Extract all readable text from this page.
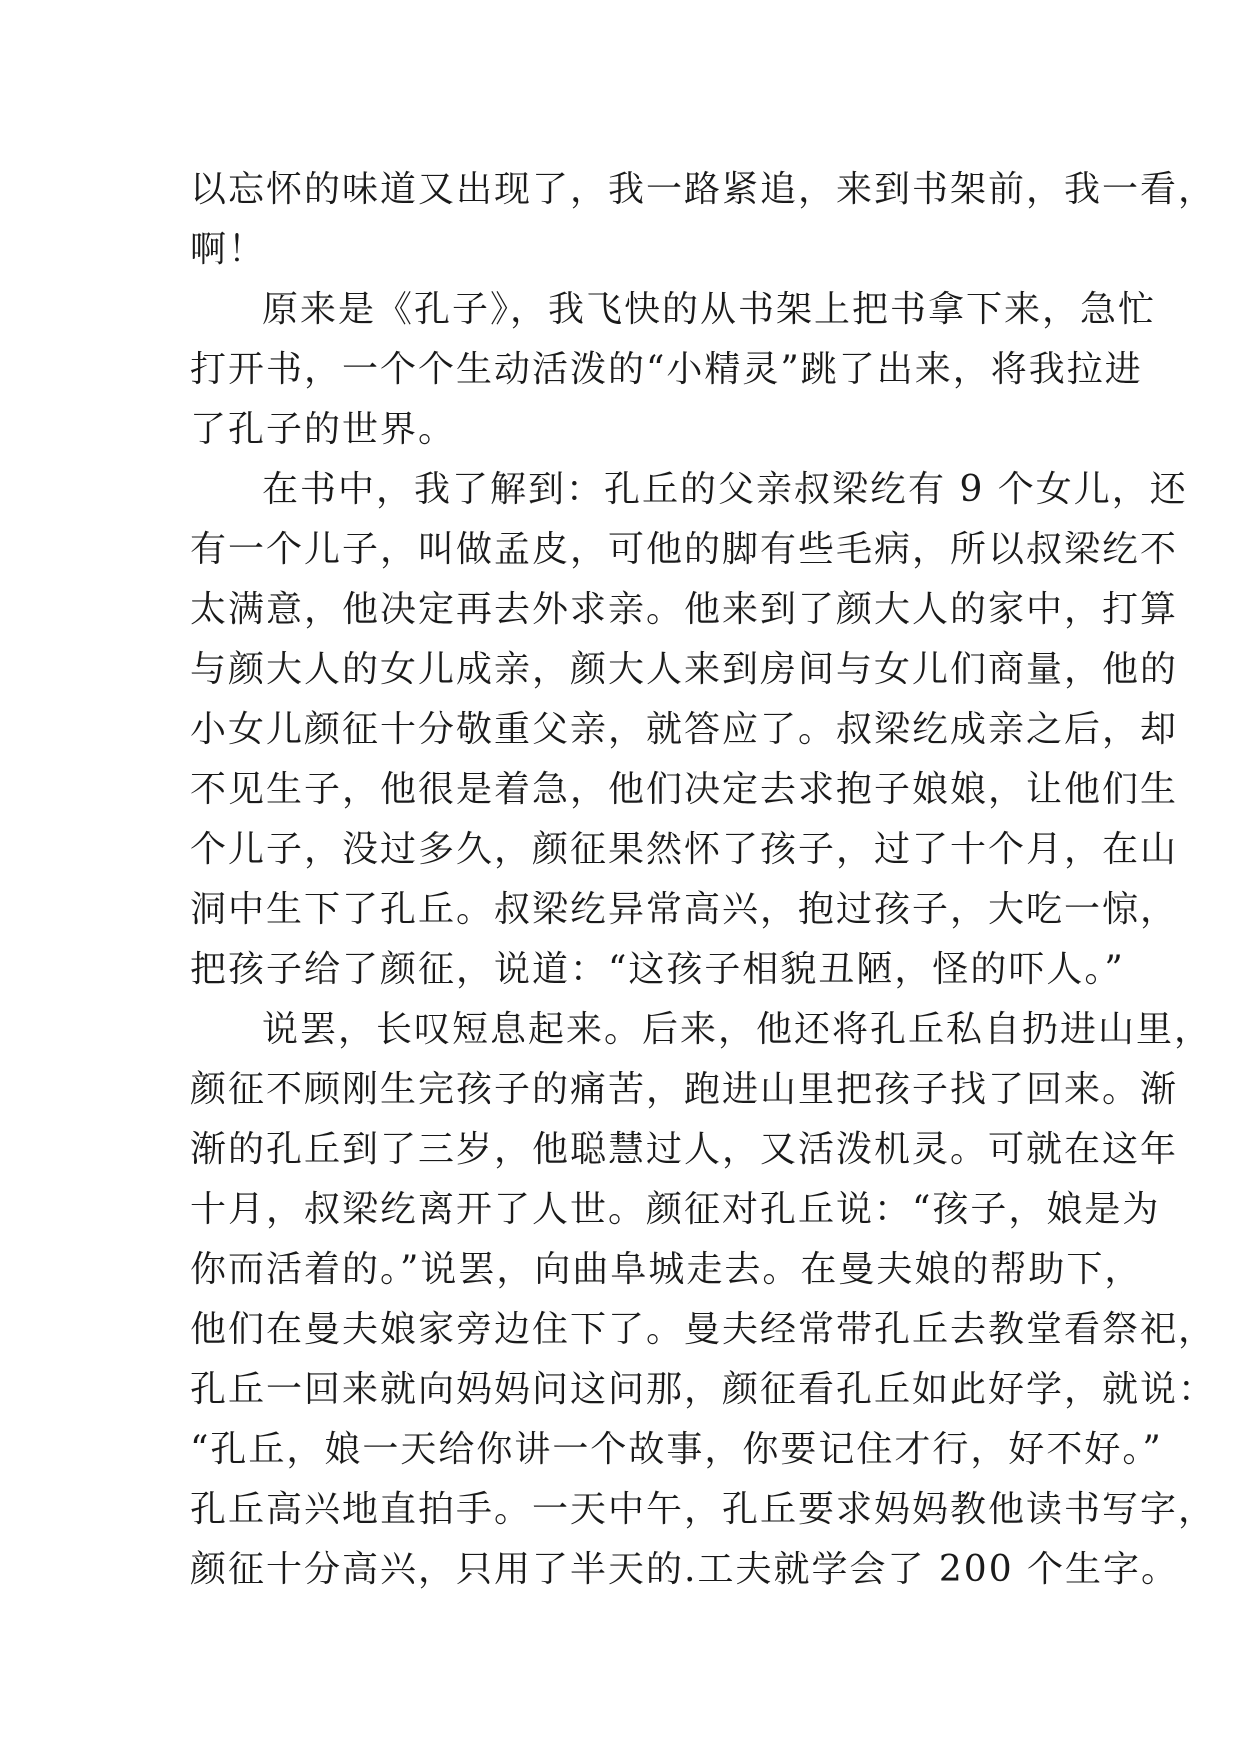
以忘怀的味道又出现了，我一路紧追，来到书架前，我一看，
啊！
原来是《孔子》，我飞快的从书架上把书拿下来，急忙
打开书，一个个生动活泼的“小精灵”跳了出来，将我拉进
了孔子的世界。
在书中，我了解到：孔丘的父亲叔梁纥有 9 个女儿，还
有一个儿子，叫做孟皮，可他的脚有些毛病，所以叔梁纥不
太满意，他决定再去外求亲。他来到了颜大人的家中，打算
与颜大人的女儿成亲，颜大人来到房间与女儿们商量，他的
小女儿颜征十分敬重父亲，就答应了。叔梁纥成亲之后，却
不见生子，他很是着急，他们决定去求抱子娘娘，让他们生
个儿子，没过多久，颜征果然怀了孩子，过了十个月，在山
洞中生下了孔丘。叔梁纥异常高兴，抱过孩子，大吃一惊，
把孩子给了颜征，说道：“这孩子相貌丑陋，怪的吓人。”
说罢，长叹短息起来。后来，他还将孔丘私自扔进山里，
颜征不顾刚生完孩子的痛苦，跑进山里把孩子找了回来。渐
渐的孔丘到了三岁，他聪慧过人，又活泼机灵。可就在这年
十月，叔梁纥离开了人世。颜征对孔丘说：“孩子，娘是为
你而活着的。”说罢，向曲阜城走去。在曼夫娘的帮助下，
他们在曼夫娘家旁边住下了。曼夫经常带孔丘去教堂看祭祀，
孔丘一回来就向妈妈问这问那，颜征看孔丘如此好学，就说：
“孔丘，娘一天给你讲一个故事，你要记住才行，好不好。”
孔丘高兴地直拍手。一天中午，孔丘要求妈妈教他读书写字，
颜征十分高兴，只用了半天的.工夫就学会了 200 个生字。
